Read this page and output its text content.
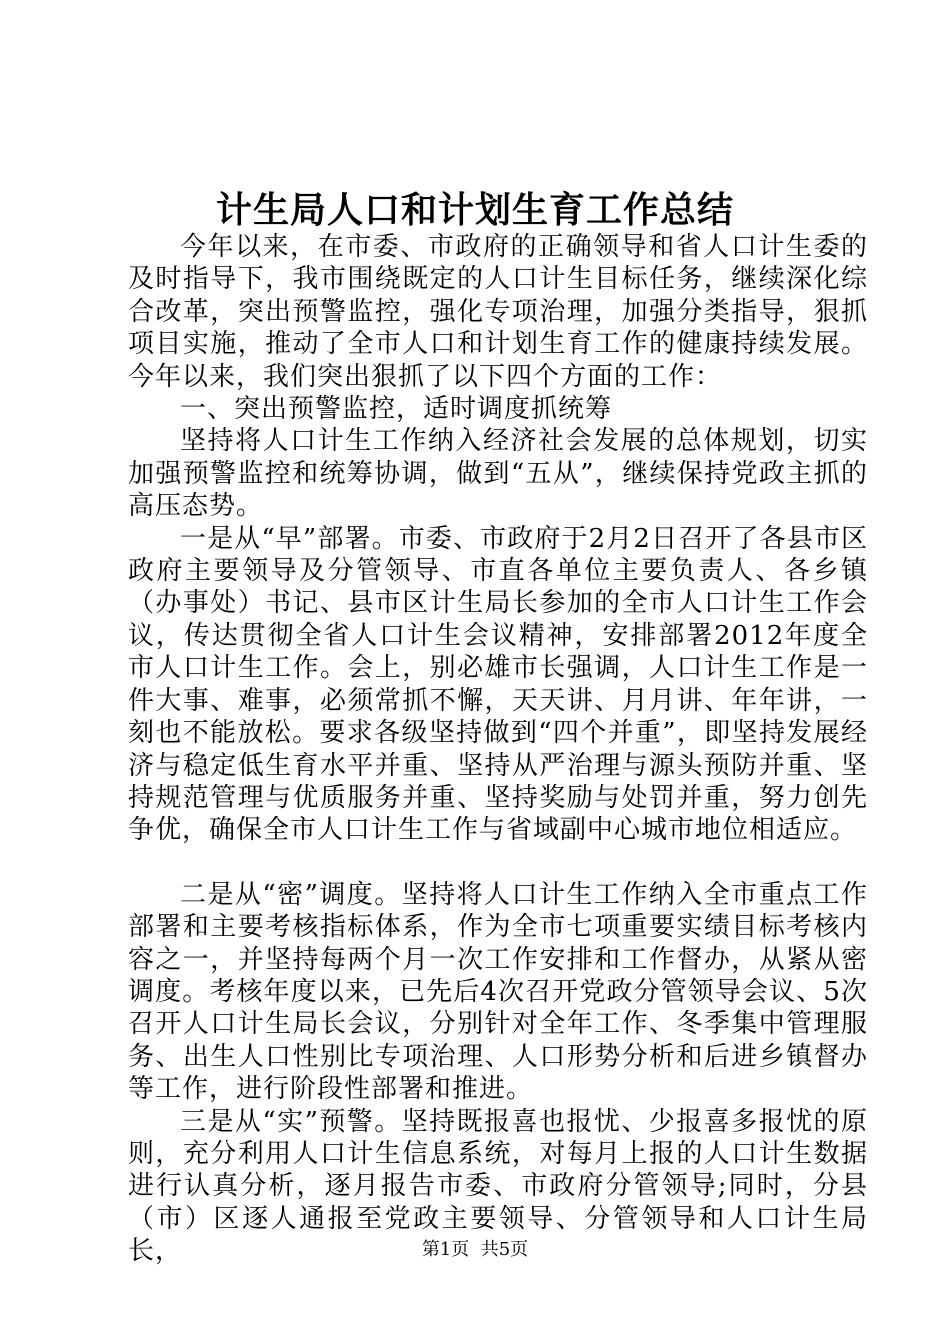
计生局人口和计划生育工作总结

今年以来，在市委、市政府的正确领导和省人口计生委的及时指导下，我市围绕既定的人口计生目标任务，继续深化综合改革，突出预警监控，强化专项治理，加强分类指导，狠抓项目实施，推动了全市人口和计划生育工作的健康持续发展。今年以来，我们突出狠抓了以下四个方面的工作：

一、突出预警监控，适时调度抓统筹

坚持将人口计生工作纳入经济社会发展的总体规划，切实加强预警监控和统筹协调，做到“五从”，继续保持党政主抓的高压态势。

一是从“早”部署。市委、市政府于2月2日召开了各县市区政府主要领导及分管领导、市直各单位主要负责人、各乡镇（办事处）书记、县市区计生局长参加的全市人口计生工作会议，传达贯彻全省人口计生会议精神，安排部署2012年度全市人口计生工作。会上，别必雄市长强调，人口计生工作是一件大事、难事，必须常抓不懈，天天讲、月月讲、年年讲，一刻也不能放松。要求各级坚持做到“四个并重”，即坚持发展经济与稳定低生育水平并重、坚持从严治理与源头预防并重、坚持规范管理与优质服务并重、坚持奖励与处罚并重，努力创先争优，确保全市人口计生工作与省域副中心城市地位相适应。

二是从“密”调度。坚持将人口计生工作纳入全市重点工作部署和主要考核指标体系，作为全市七项重要实绩目标考核内容之一，并坚持每两个月一次工作安排和工作督办，从紧从密调度。考核年度以来，已先后4次召开党政分管领导会议、5次召开人口计生局长会议，分别针对全年工作、冬季集中管理服务、出生人口性别比专项治理、人口形势分析和后进乡镇督办等工作，进行阶段性部署和推进。

三是从“实”预警。坚持既报喜也报忧、少报喜多报忧的原则，充分利用人口计生信息系统，对每月上报的人口计生数据进行认真分析，逐月报告市委、市政府分管领导;同时，分县（市）区逐人通报至党政主要领导、分管领导和人口计生局长，	第1页 共5页
